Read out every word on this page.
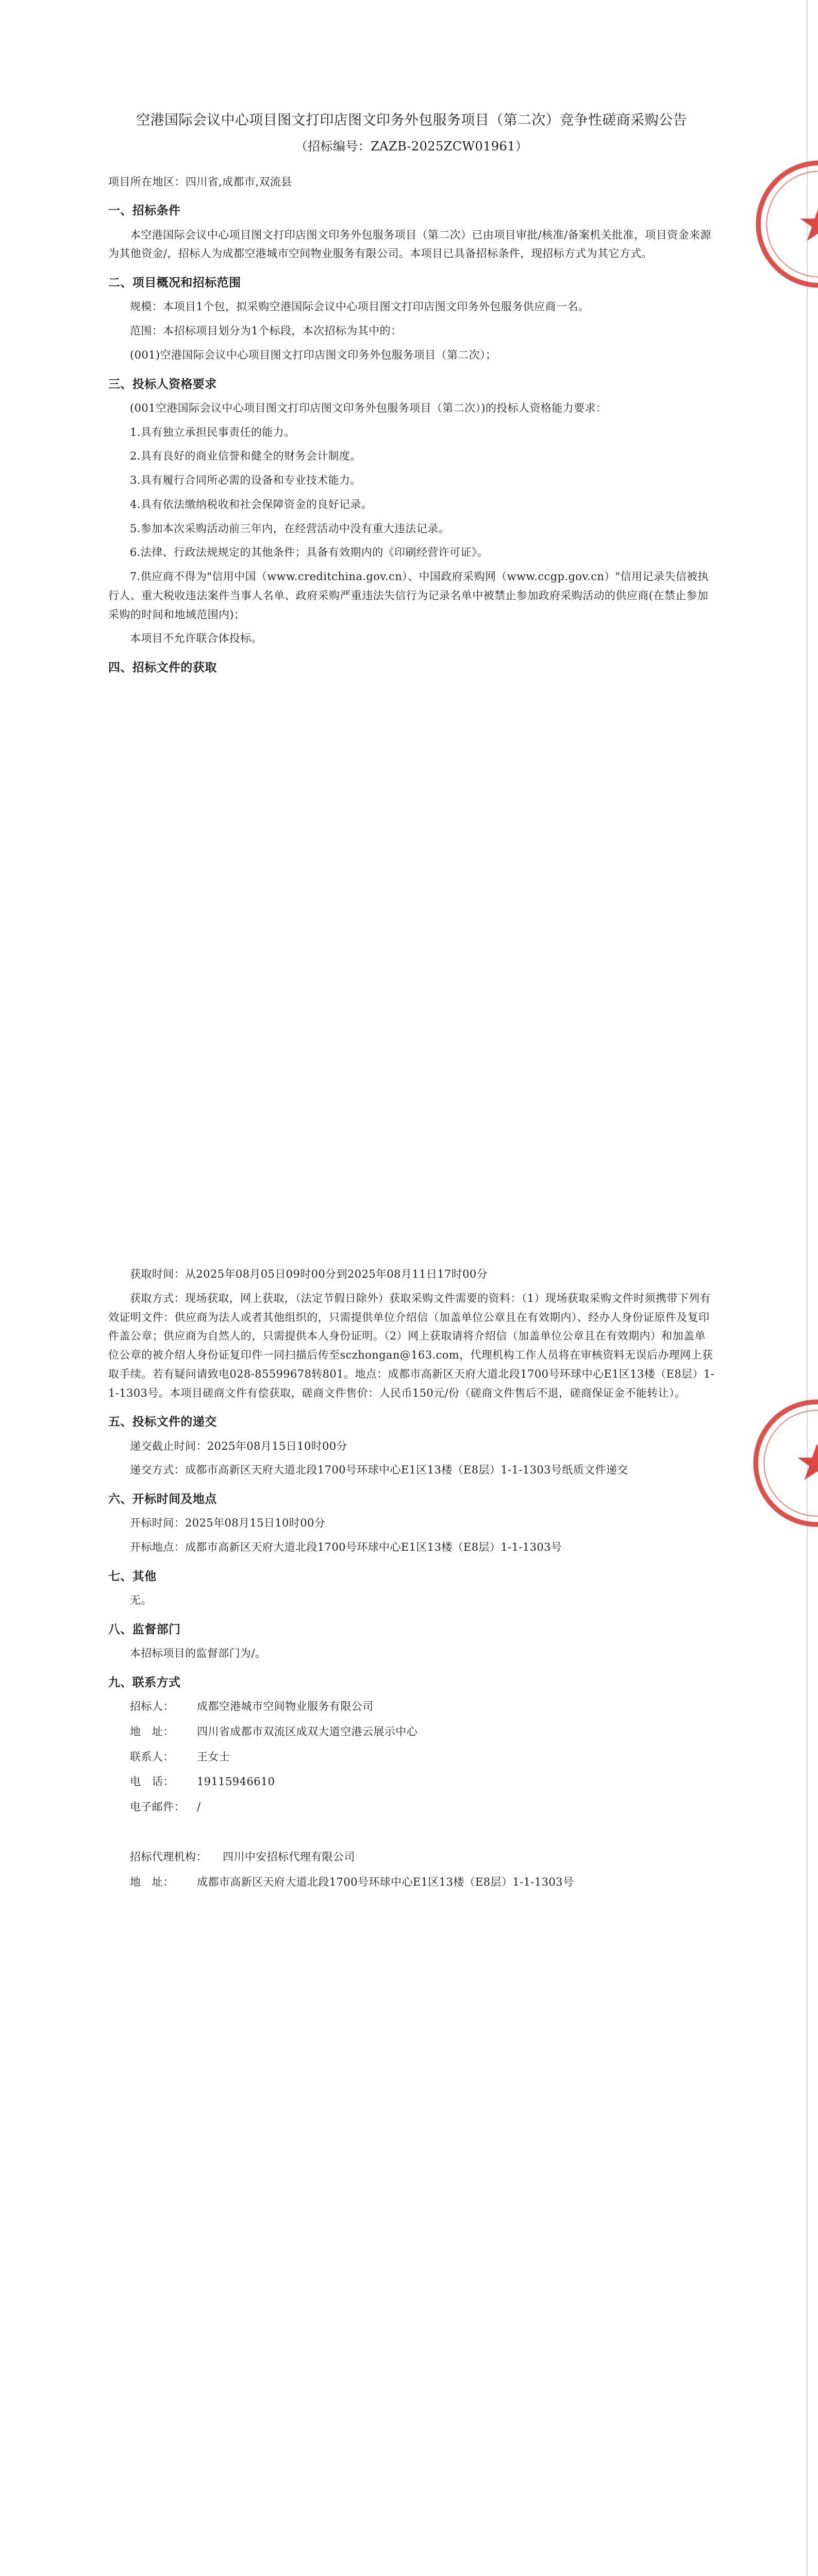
空港国际会议中心项目图文打印店图文印务外包服务项目（第二次）竞争性磋商采购公告
（招标编号：ZAZB-2025ZCW01961）

项目所在地区：四川省,成都市,双流县

一、招标条件

本空港国际会议中心项目图文打印店图文印务外包服务项目（第二次）已由项目审批/核准/备案机关批准，项目资金来源为其他资金/，招标人为成都空港城市空间物业服务有限公司。本项目已具备招标条件，现招标方式为其它方式。

二、项目概况和招标范围

规模：本项目1个包，拟采购空港国际会议中心项目图文打印店图文印务外包服务供应商一名。

范围：本招标项目划分为1个标段，本次招标为其中的：

(001)空港国际会议中心项目图文打印店图文印务外包服务项目（第二次）；

三、投标人资格要求

(001空港国际会议中心项目图文打印店图文印务外包服务项目（第二次）)的投标人资格能力要求：

1.具有独立承担民事责任的能力。

2.具有良好的商业信誉和健全的财务会计制度。

3.具有履行合同所必需的设备和专业技术能力。

4.具有依法缴纳税收和社会保障资金的良好记录。

5.参加本次采购活动前三年内，在经营活动中没有重大违法记录。

6.法律、行政法规规定的其他条件；具备有效期内的《印刷经营许可证》。

7.供应商不得为"信用中国（www.creditchina.gov.cn）、中国政府采购网（www.ccgp.gov.cn）"信用记录失信被执行人、重大税收违法案件当事人名单、政府采购严重违法失信行为记录名单中被禁止参加政府采购活动的供应商(在禁止参加采购的时间和地域范围内)；

本项目不允许联合体投标。

四、招标文件的获取

获取时间：从2025年08月05日09时00分到2025年08月11日17时00分

获取方式：现场获取，网上获取，（法定节假日除外）获取采购文件需要的资料：（1）现场获取采购文件时须携带下列有效证明文件：供应商为法人或者其他组织的，只需提供单位介绍信（加盖单位公章且在有效期内）、经办人身份证原件及复印件盖公章；供应商为自然人的，只需提供本人身份证明。（2）网上获取请将介绍信（加盖单位公章且在有效期内）和加盖单位公章的被介绍人身份证复印件一同扫描后传至sczhongan@163.com，代理机构工作人员将在审核资料无误后办理网上获取手续。若有疑问请致电028-85599678转801。地点：成都市高新区天府大道北段1700号环球中心E1区13楼（E8层）1-1-1303号。本项目磋商文件有偿获取，磋商文件售价：人民币150元/份（磋商文件售后不退，磋商保证金不能转让）。

五、投标文件的递交

递交截止时间：2025年08月15日10时00分

递交方式：成都市高新区天府大道北段1700号环球中心E1区13楼（E8层）1-1-1303号纸质文件递交

六、开标时间及地点

开标时间：2025年08月15日10时00分

开标地点：成都市高新区天府大道北段1700号环球中心E1区13楼（E8层）1-1-1303号

七、其他

无。

八、监督部门

本招标项目的监督部门为/。

九、联系方式
招标人：	成都空港城市空间物业服务有限公司
地　址：	四川省成都市双流区成双大道空港云展示中心
联系人：	王女士
电　话：	19115946610
电子邮件：	/
招标代理机构：	四川中安招标代理有限公司
地　址：	成都市高新区天府大道北段1700号环球中心E1区13楼（E8层）1-1-1303号
